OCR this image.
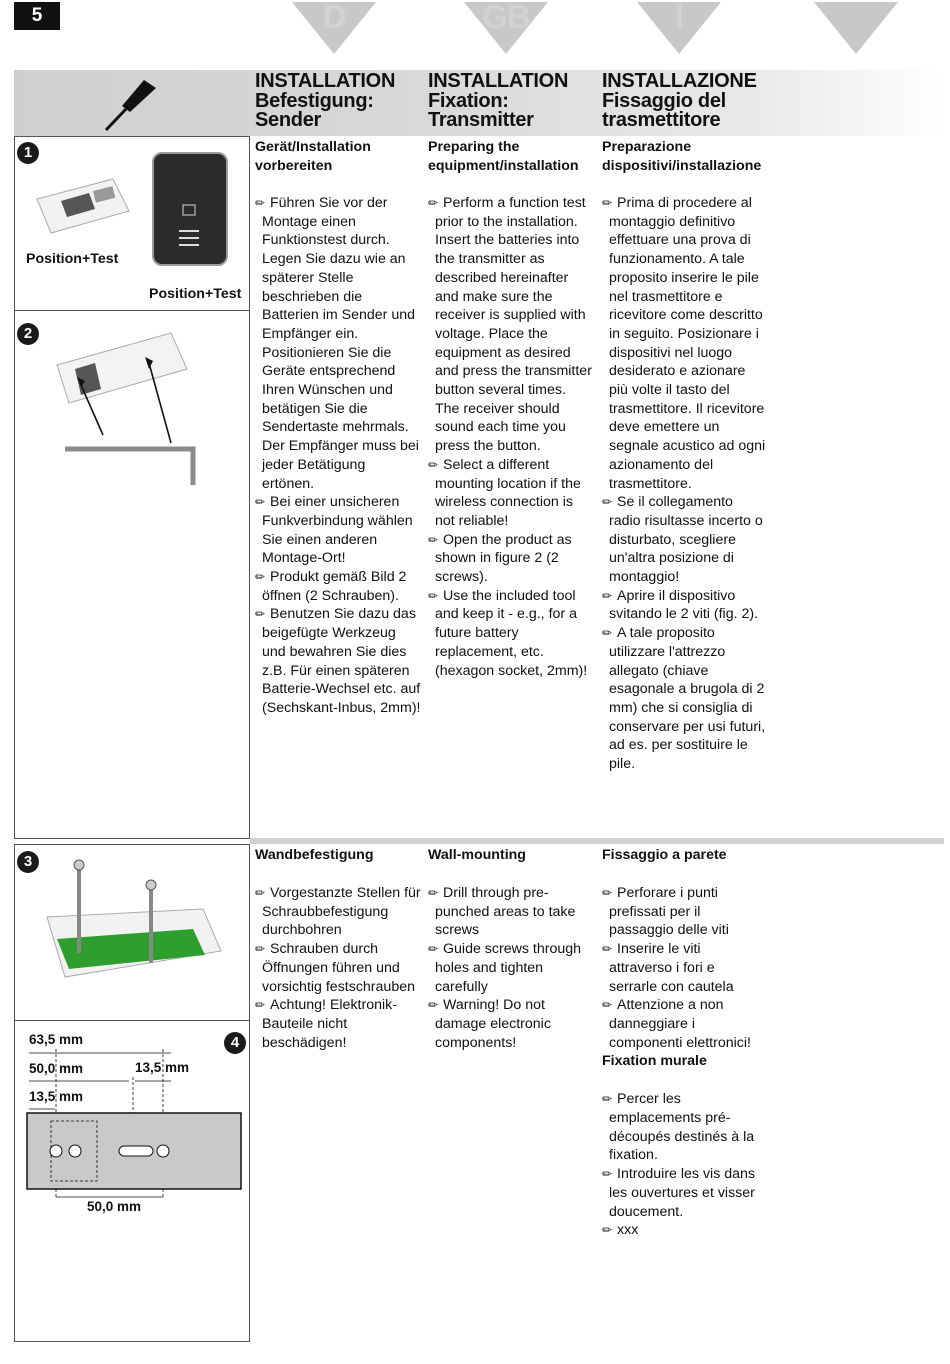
5	D	GB	I
1
Position+Test
Position+Test
2
3
4
63,5 mm
50,0 mm	13,5 mm
13,5 mm
50,0 mm
INSTALLATION
Befestigung:
Sender
Gerät/Installation
vorbereiten
✏ Führen Sie vor der Montage einen Funktionstest durch. Legen Sie dazu wie an späterer Stelle beschrieben die Batterien im Sender und Empfänger ein. Positionieren Sie die Geräte entsprechend Ihren Wünschen und betätigen Sie die Sendertaste mehrmals. Der Empfänger muss bei jeder Betätigung ertönen.
✏ Bei einer unsicheren Funkverbindung wählen Sie einen anderen Montage-Ort!
✏ Produkt gemäß Bild 2 öffnen (2 Schrauben).
✏ Benutzen Sie dazu das beigefügte Werkzeug und bewahren Sie dies z.B. Für einen späteren Batterie-Wechsel etc. auf (Sechskant-Inbus, 2mm)!
Wandbefestigung
✏ Vorgestanzte Stellen für Schraubbefestigung durchbohren
✏ Schrauben durch Öffnungen führen und vorsichtig festschrauben
✏ Achtung! Elektronik-Bauteile nicht beschädigen!
INSTALLATION
Fixation:
Transmitter
Preparing the
equipment/installation
✏ Perform a function test prior to the installation. Insert the batteries into the transmitter as described hereinafter and make sure the receiver is supplied with voltage. Place the equipment as desired and press the transmitter button several times. The receiver should sound each time you press the button.
✏ Select a different mounting location if the wireless connection is not reliable!
✏ Open the product as shown in figure 2 (2 screws).
✏ Use the included tool and keep it - e.g., for a future battery replacement, etc. (hexagon socket, 2mm)!
Wall-mounting
✏ Drill through pre-punched areas to take screws
✏ Guide screws through holes and tighten carefully
✏ Warning! Do not damage electronic components!
INSTALLAZIONE
Fissaggio del
trasmettitore
Preparazione
dispositivi/installazione
✏ Prima di procedere al montaggio definitivo effettuare una prova di funzionamento. A tale proposito inserire le pile nel trasmettitore e ricevitore come descritto in seguito. Posizionare i dispositivi nel luogo desiderato e azionare più volte il tasto del trasmettitore. Il ricevitore deve emettere un segnale acustico ad ogni azionamento del trasmettitore.
✏ Se il collegamento radio risultasse incerto o disturbato, scegliere un'altra posizione di montaggio!
✏ Aprire il dispositivo svitando le 2 viti (fig. 2).
✏ A tale proposito utilizzare l'attrezzo allegato (chiave esagonale a brugola di 2 mm) che si consiglia di conservare per usi futuri, ad es. per sostituire le pile.
Fissaggio a parete
✏ Perforare i punti prefissati per il passaggio delle viti
✏ Inserire le viti attraverso i fori e serrarle con cautela
✏ Attenzione a non danneggiare i componenti elettronici!
Fixation murale
✏ Percer les emplacements pré-découpés destinés à la fixation.
✏ Introduire les vis dans les ouvertures et visser doucement.
✏ xxx
